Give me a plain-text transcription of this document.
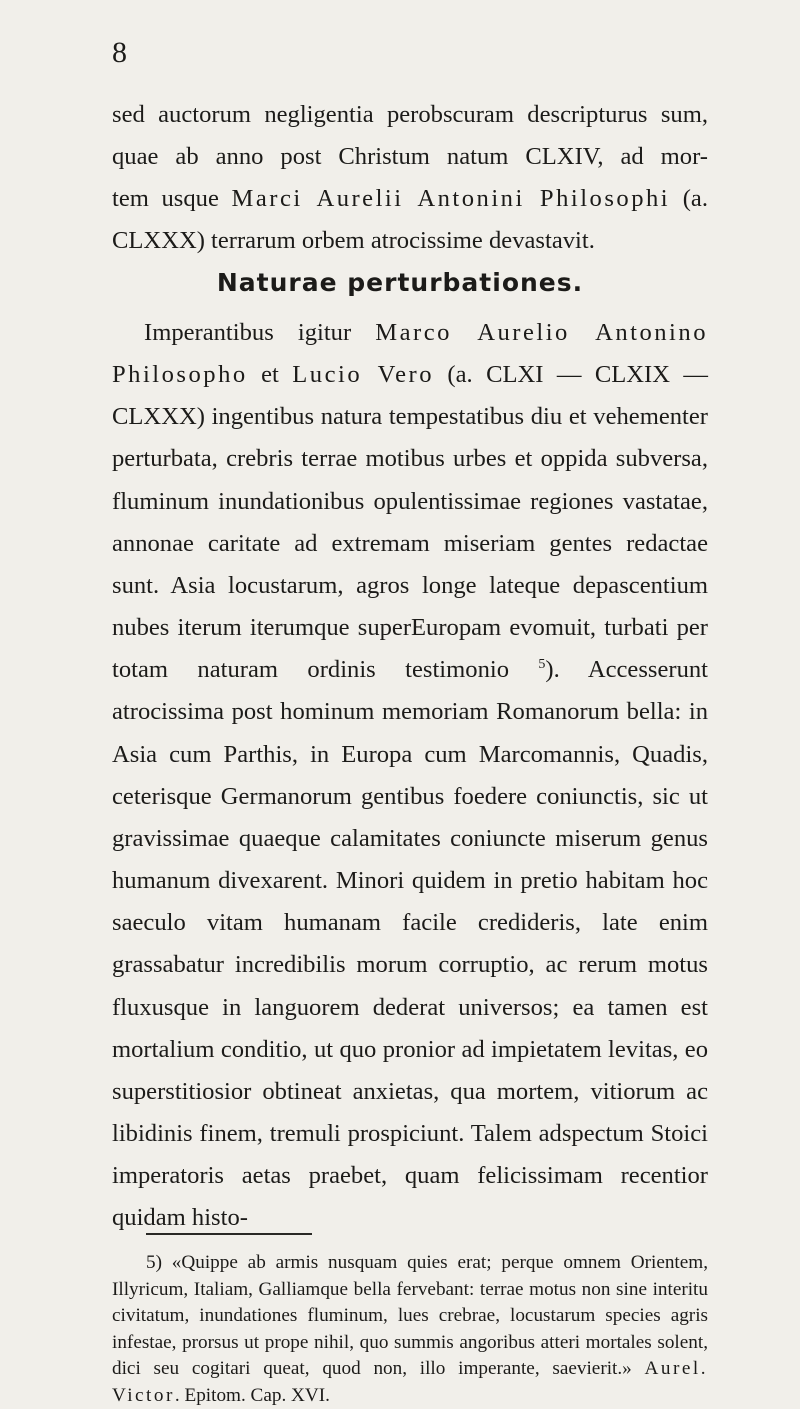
8

sed auctorum negligentia perobscuram descripturus sum,

quae ab anno post Christum natum CLXIV, ad mor-

tem usque Marci Aurelii Antonini Philosophi (a.

CLXXX) terrarum orbem atrocissime devastavit.

Naturae perturbationes.

Imperantibus igitur Marco Aurelio Antonino Philosopho et Lucio Vero (a. CLXI — CLXIX — CLXXX) ingentibus natura tempestatibus diu et vehementer perturbata, crebris terrae motibus urbes et oppida subversa, fluminum inundationibus opulentissimae regiones vastatae, annonae caritate ad extremam miseriam gentes redactae sunt. Asia locustarum, agros longe lateque depascentium nubes iterum iterumque superEuropam evomuit, turbati per totam naturam ordinis testimonio $^5$). Accesserunt atrocissima post hominum memoriam Romanorum bella: in Asia cum Parthis, in Europa cum Marcomannis, Quadis, ceterisque Germanorum gentibus foedere coniunctis, sic ut gravissimae quaeque calamitates coniuncte miserum genus humanum divexarent. Minori quidem in pretio habitam hoc saeculo vitam humanam facile credideris, late enim grassabatur incredibilis morum corruptio, ac rerum motus fluxusque in languorem dederat universos; ea tamen est mortalium conditio, ut quo pronior ad impietatem levitas, eo superstitiosior obtineat anxietas, qua mortem, vitiorum ac libidinis finem, tremuli prospiciunt. Talem adspectum Stoici imperatoris aetas praebet, quam felicissimam recentior quidam histo-

5) «Quippe ab armis nusquam quies erat; perque omnem Orientem, Illyricum, Italiam, Galliamque bella fervebant: terrae motus non sine interitu civitatum, inundationes fluminum, lues crebrae, locustarum species agris infestae, prorsus ut prope nihil, quo summis angoribus atteri mortales solent, dici seu cogitari queat, quod non, illo imperante, saevierit.» Aurel. Victor. Epitom. Cap. XVI.
